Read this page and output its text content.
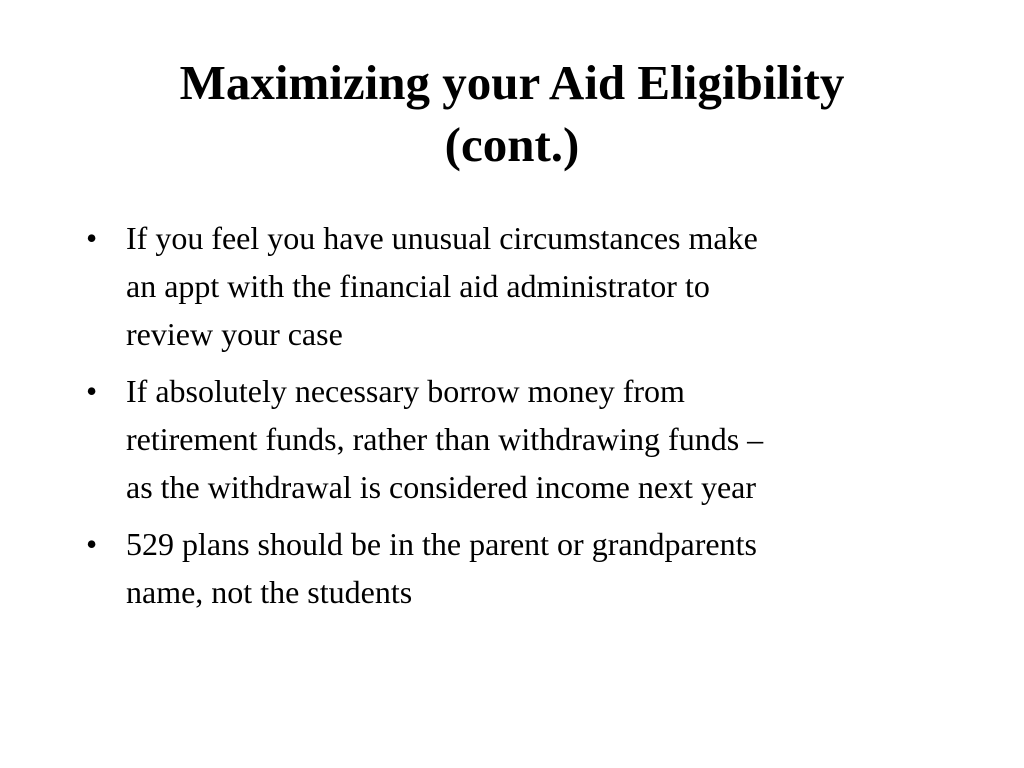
Maximizing your Aid Eligibility
(cont.)
• If you feel you have unusual circumstances make
an appt with the financial aid administrator to
review your case
• If absolutely necessary borrow money from
retirement funds, rather than withdrawing funds –
as the withdrawal is considered income next year
• 529 plans should be in the parent or grandparents
name, not the students
